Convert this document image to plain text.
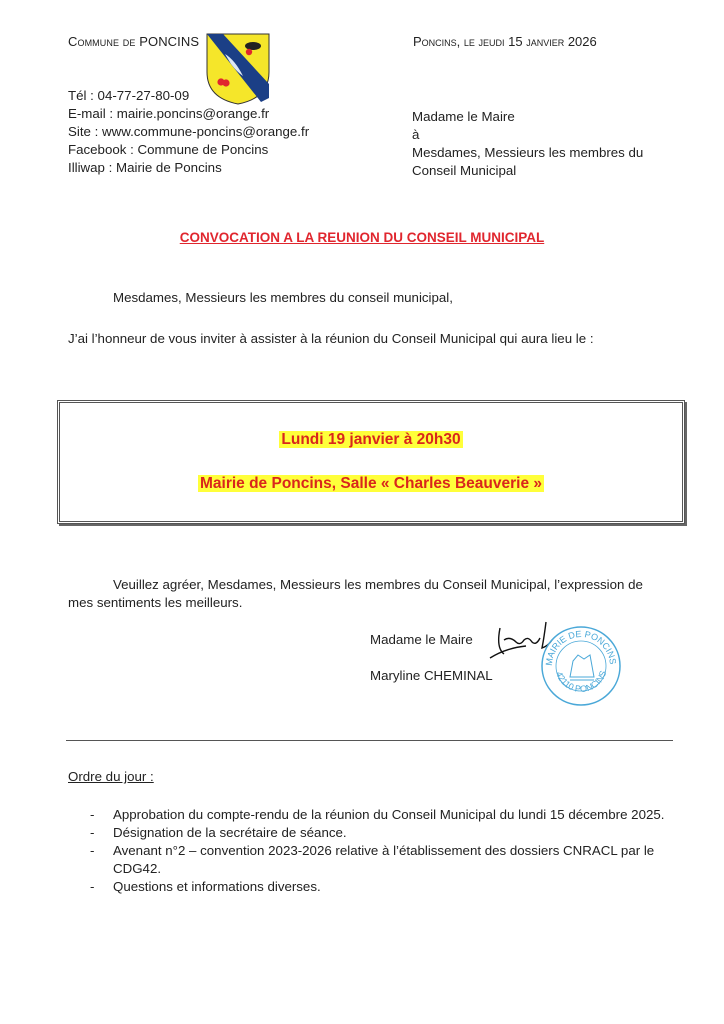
Commune de PONCINS
Tél : 04-77-27-80-09
E-mail : mairie.poncins@orange.fr
Site : www.commune-poncins@orange.fr
Facebook : Commune de Poncins
Illiwap : Mairie de Poncins
Poncins, le jeudi 15 janvier 2026
Madame le Maire
à
Mesdames, Messieurs les membres du
Conseil Municipal
CONVOCATION A LA REUNION DU CONSEIL MUNICIPAL
Mesdames, Messieurs les membres du conseil municipal,
J’ai l’honneur de vous inviter à assister à la réunion du Conseil Municipal qui aura lieu le :
Lundi 19 janvier à 20h30
Mairie de Poncins, Salle « Charles Beauverie »
Veuillez agréer, Mesdames, Messieurs les membres du Conseil Municipal, l’expression de mes sentiments les meilleurs.
Madame le Maire
Maryline CHEMINAL
MAIRIE DE PONCINS
42110 PONCINS
Ordre du jour :
- Approbation du compte-rendu de la réunion du Conseil Municipal du lundi 15 décembre 2025.
- Désignation de la secrétaire de séance.
- Avenant n°2 – convention 2023-2026 relative à l’établissement des dossiers CNRACL par le CDG42.
- Questions et informations diverses.
